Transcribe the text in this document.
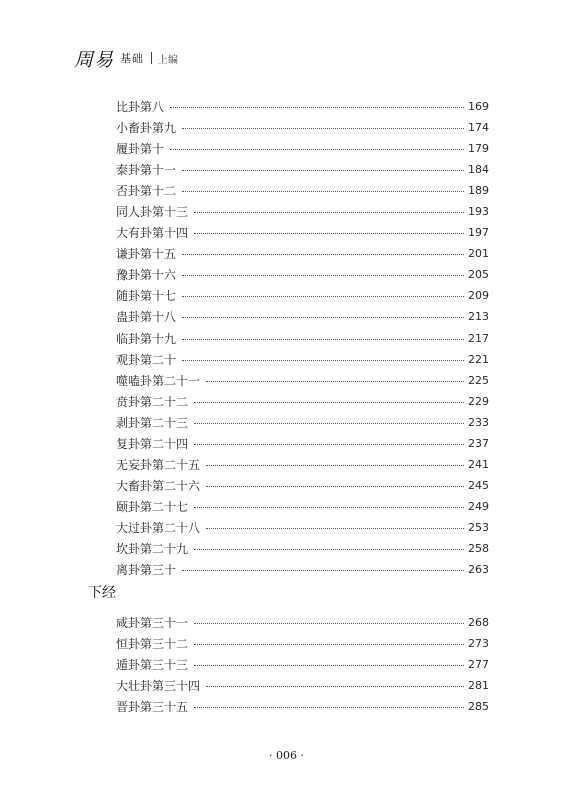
周易 基础 上编
比卦第八	169
小畜卦第九	174
履卦第十	179
泰卦第十一	184
否卦第十二	189
同人卦第十三	193
大有卦第十四	197
谦卦第十五	201
豫卦第十六	205
随卦第十七	209
蛊卦第十八	213
临卦第十九	217
观卦第二十	221
噬嗑卦第二十一	225
贲卦第二十二	229
剥卦第二十三	233
复卦第二十四	237
无妄卦第二十五	241
大畜卦第二十六	245
颐卦第二十七	249
大过卦第二十八	253
坎卦第二十九	258
离卦第三十	263
下经
咸卦第三十一	268
恒卦第三十二	273
遁卦第三十三	277
大壮卦第三十四	281
晋卦第三十五	285
· 006 ·
